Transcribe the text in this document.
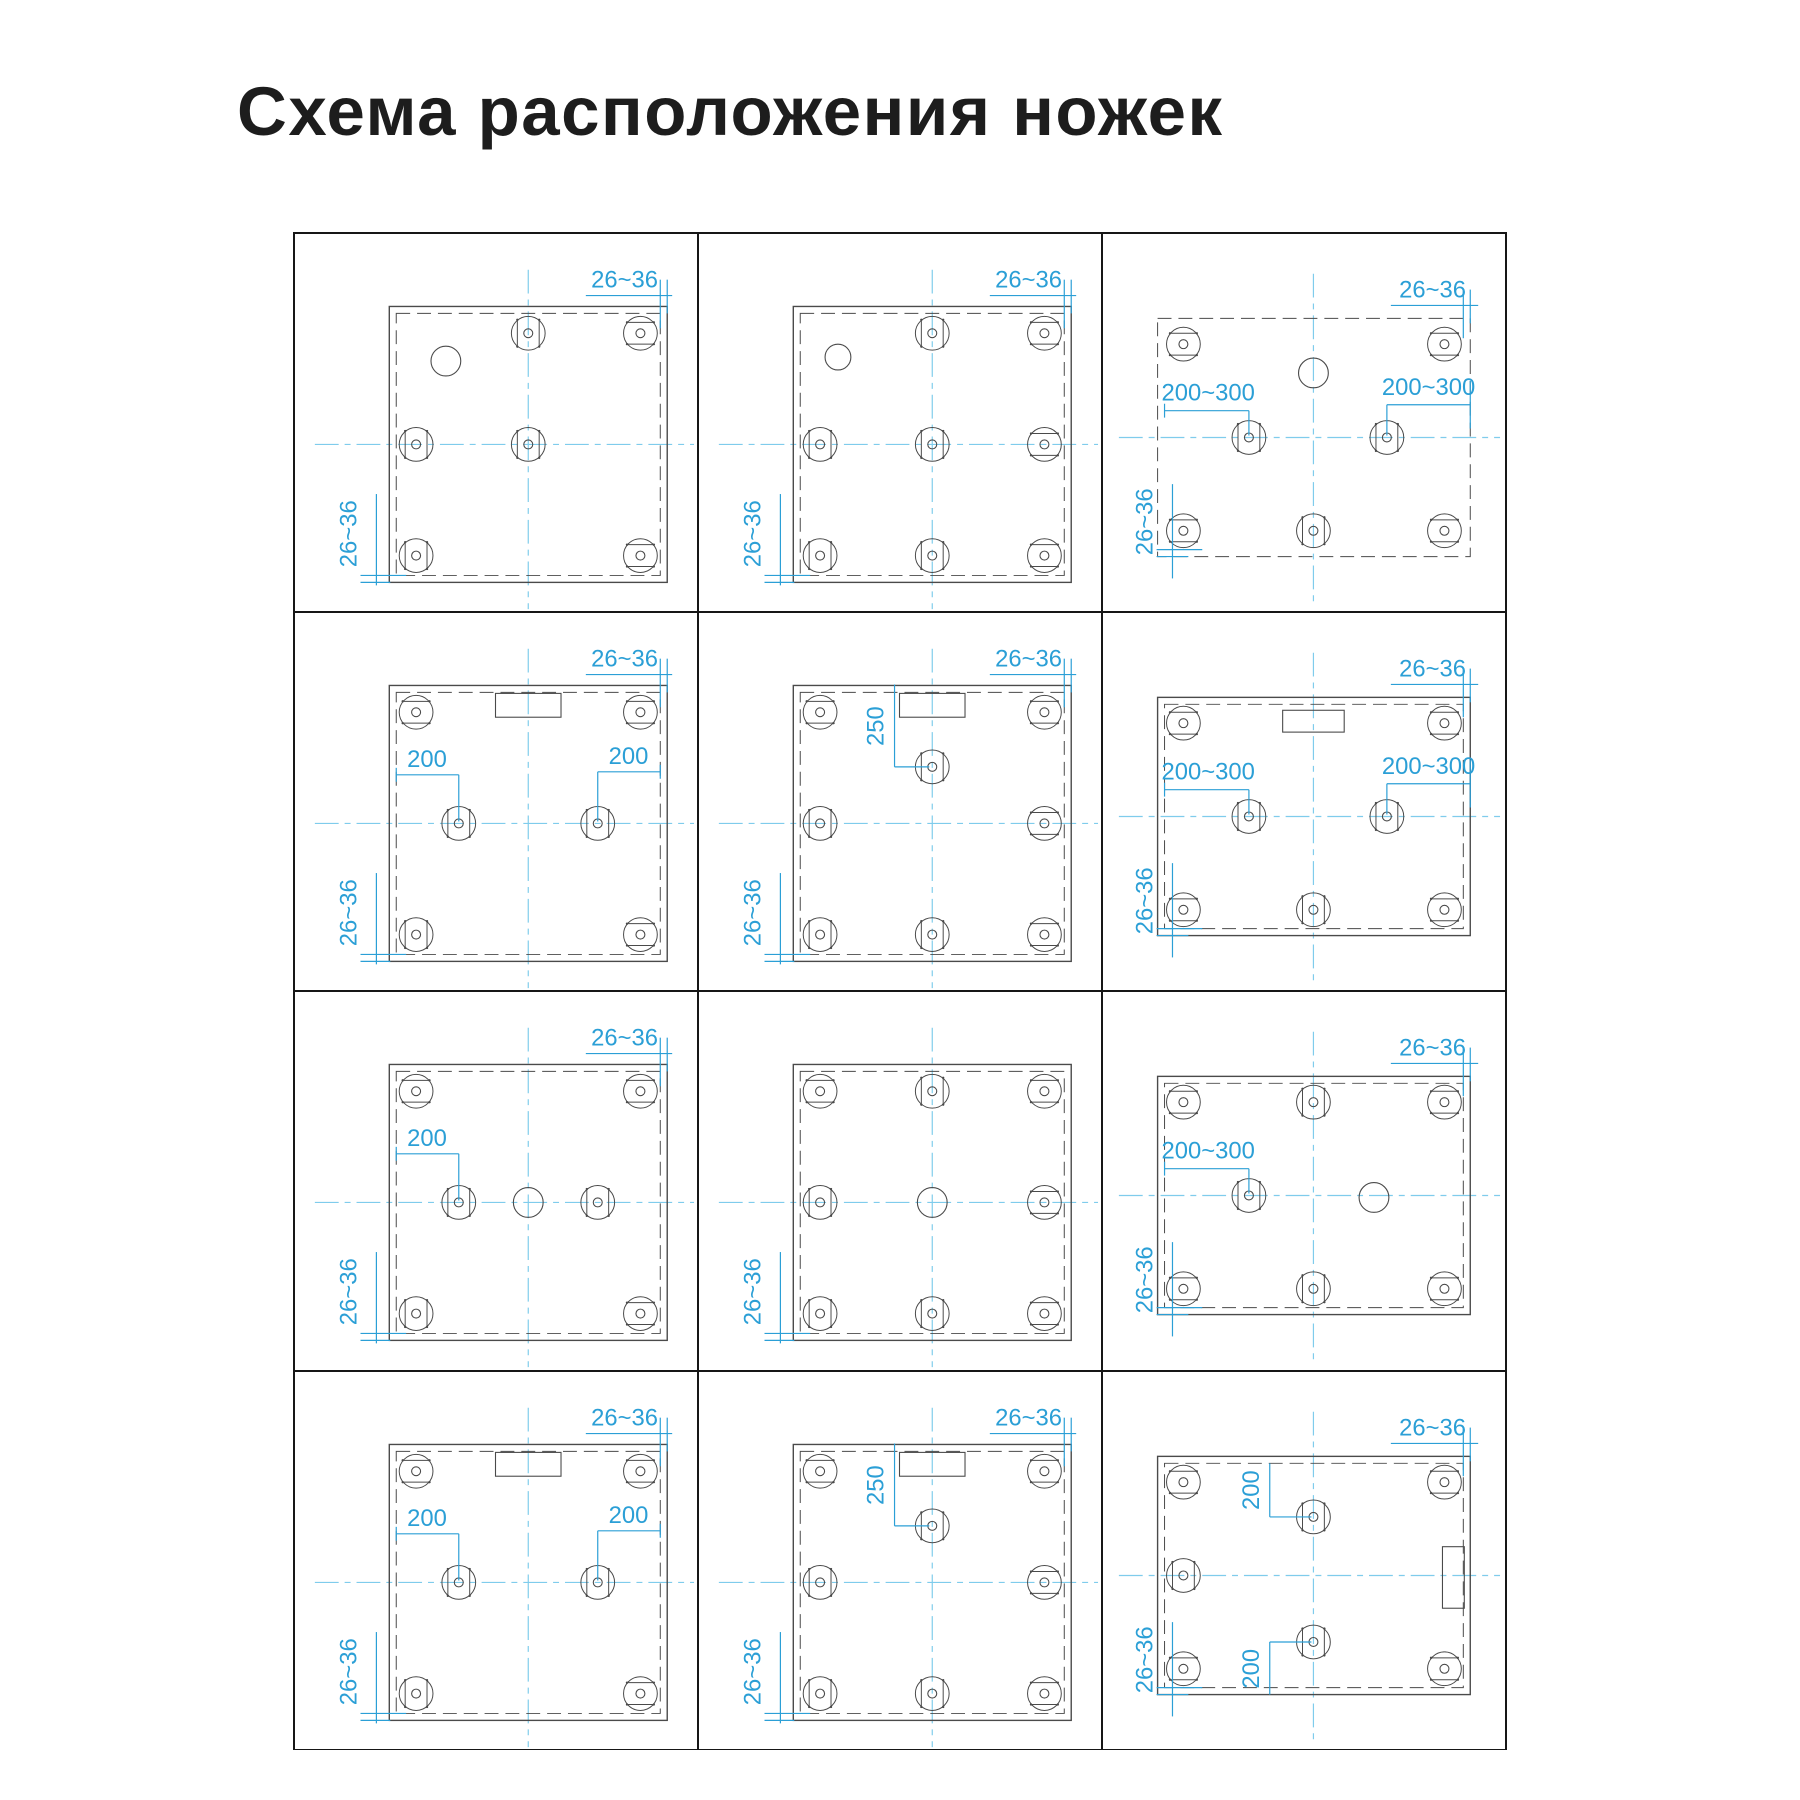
Схема расположения ножек
26~36
26~36
26~36
26~36
26~36
200~300	200~300
26~36
26~36
200	200
26~36
26~36
250
26~36
26~36
200~300	200~300
26~36
26~36
200
26~36	26~36
26~36
200~300
26~36
26~36
200	200
26~36
26~36
250
26~36
26~36
200
200
26~36
